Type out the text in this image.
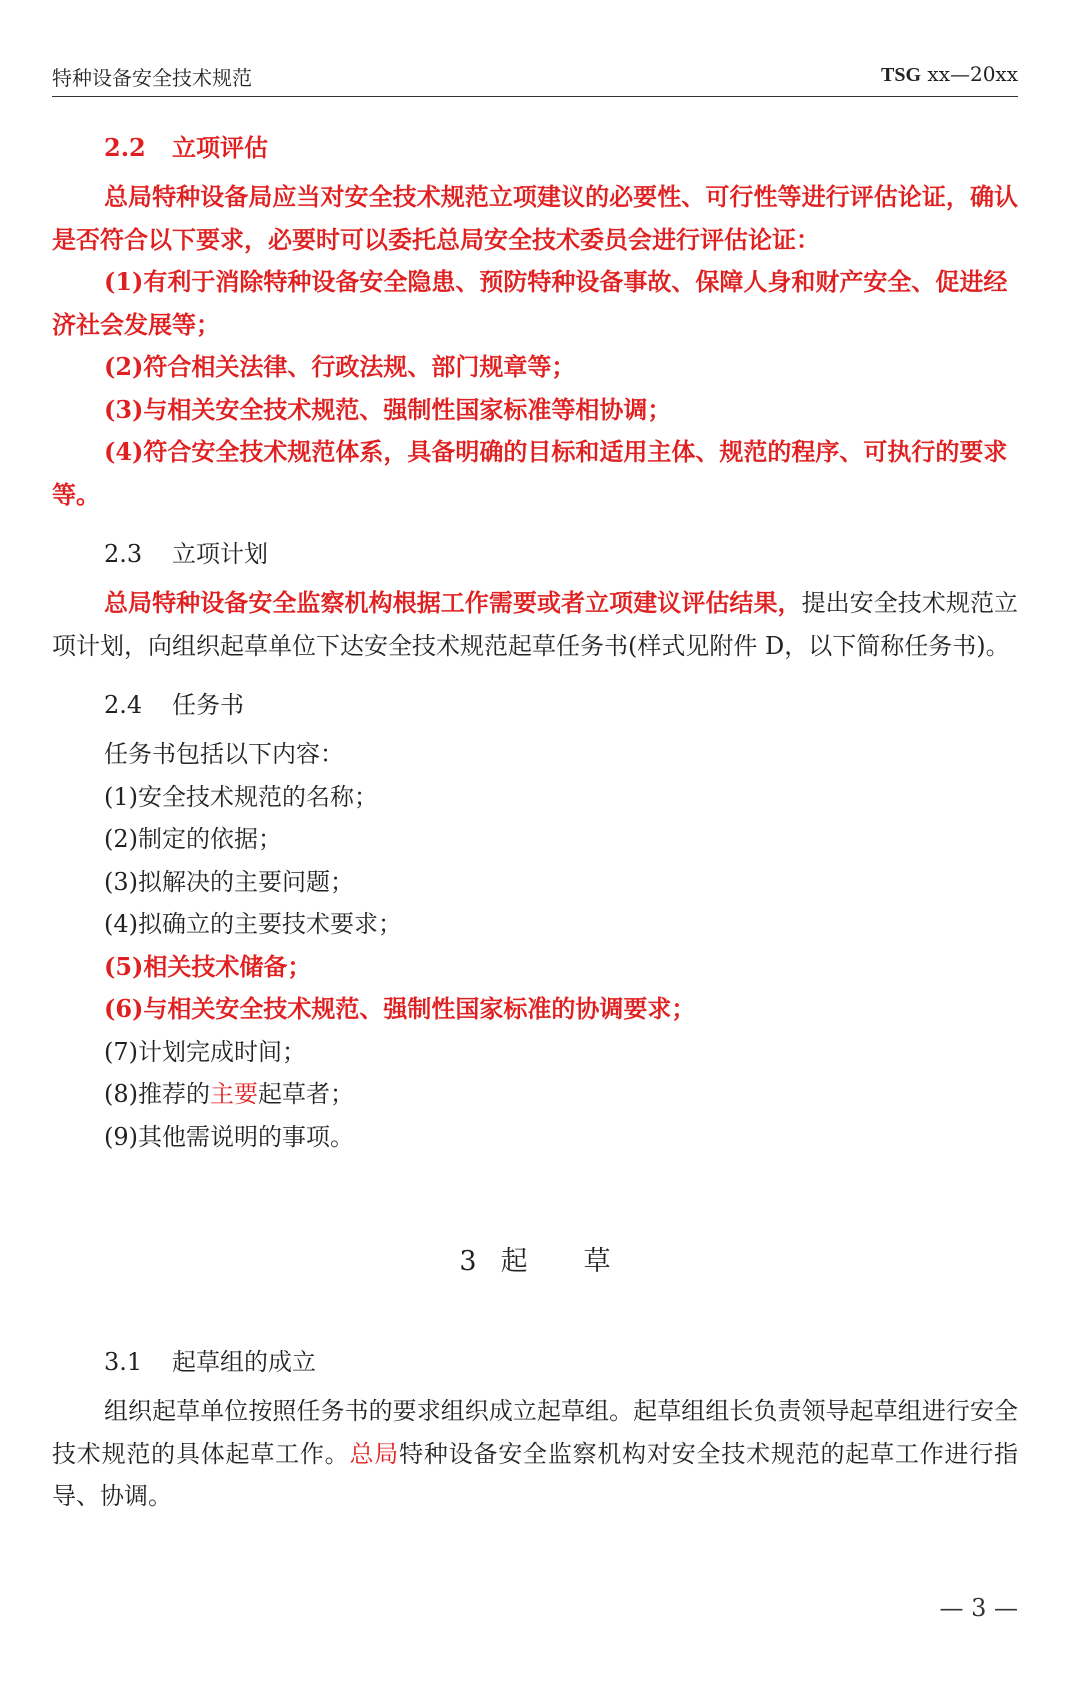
特种设备安全技术规范	TSG xx—20xx
2.2 立项评估

总局特种设备局应当对安全技术规范立项建议的必要性、可行性等进行评估论证，确认是否符合以下要求，必要时可以委托总局安全技术委员会进行评估论证：

(1)有利于消除特种设备安全隐患、预防特种设备事故、保障人身和财产安全、促进经济社会发展等；

(2)符合相关法律、行政法规、部门规章等；

(3)与相关安全技术规范、强制性国家标准等相协调；

(4)符合安全技术规范体系，具备明确的目标和适用主体、规范的程序、可执行的要求等。

2.3 立项计划

总局特种设备安全监察机构根据工作需要或者立项建议评估结果，提出安全技术规范立项计划，向组织起草单位下达安全技术规范起草任务书(样式见附件 D，以下简称任务书)。

2.4 任务书

任务书包括以下内容：

(1)安全技术规范的名称；

(2)制定的依据；

(3)拟解决的主要问题；

(4)拟确立的主要技术要求；

(5)相关技术储备；

(6)与相关安全技术规范、强制性国家标准的协调要求；

(7)计划完成时间；

(8)推荐的主要起草者；

(9)其他需说明的事项。

3 起 草
3.1 起草组的成立

组织起草单位按照任务书的要求组织成立起草组。起草组组长负责领导起草组进行安全技术规范的具体起草工作。总局特种设备安全监察机构对安全技术规范的起草工作进行指导、协调。

— 3 —
